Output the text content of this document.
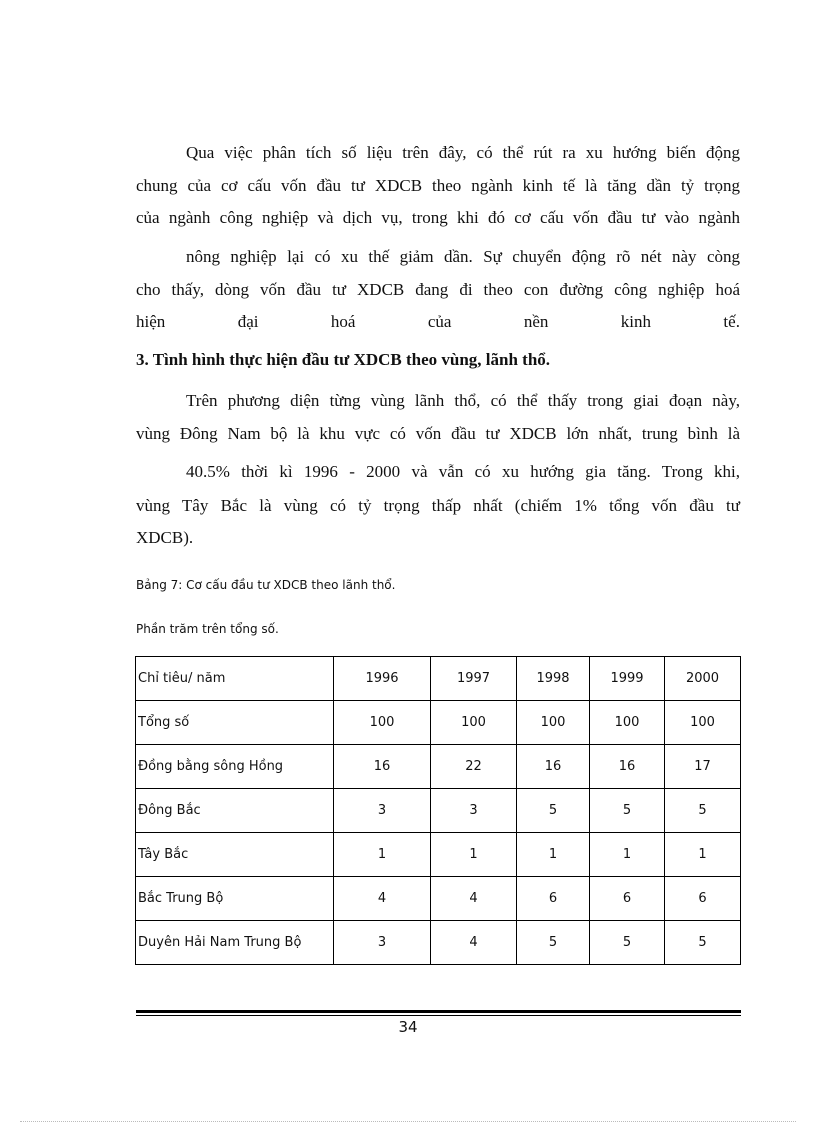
Qua việc phân tích số liệu trên đây, có thể rút ra xu hướng biến động
chung của cơ cấu vốn đầu tư XDCB theo ngành kinh tế là tăng dần tỷ trọng
của ngành công nghiệp và dịch vụ, trong khi đó cơ cấu vốn đầu tư vào ngành
nông nghiệp lại có xu thế giảm dần. Sự chuyển động rõ nét này còng
cho thấy, dòng vốn đầu tư XDCB đang đi theo con đường công nghiệp hoá
hiện	đại	hoá	của	nền	kinh	tế.
3. Tình hình thực hiện đầu tư XDCB theo vùng, lãnh thổ.
Trên phương diện từng vùng lãnh thổ, có thể thấy trong giai đoạn này,
vùng Đông Nam bộ là khu vực có vốn đầu tư XDCB lớn nhất, trung bình là
40.5% thời kì 1996 - 2000 và vẫn có xu hướng gia tăng. Trong khi,
vùng Tây Bắc là vùng có tỷ trọng thấp nhất (chiếm 1% tổng vốn đầu tư
XDCB).
Bảng 7: Cơ cấu đầu tư XDCB theo lãnh thổ.
Phần trăm trên tổng số.
Chỉ tiêu/ năm	1996	1997	1998	1999	2000
Tổng số	100	100	100	100	100
Đồng bằng sông Hồng	16	22	16	16	17
Đông Bắc	3	3	5	5	5
Tây Bắc	1	1	1	1	1
Bắc Trung Bộ	4	4	6	6	6
Duyên Hải Nam Trung Bộ	3	4	5	5	5
34
